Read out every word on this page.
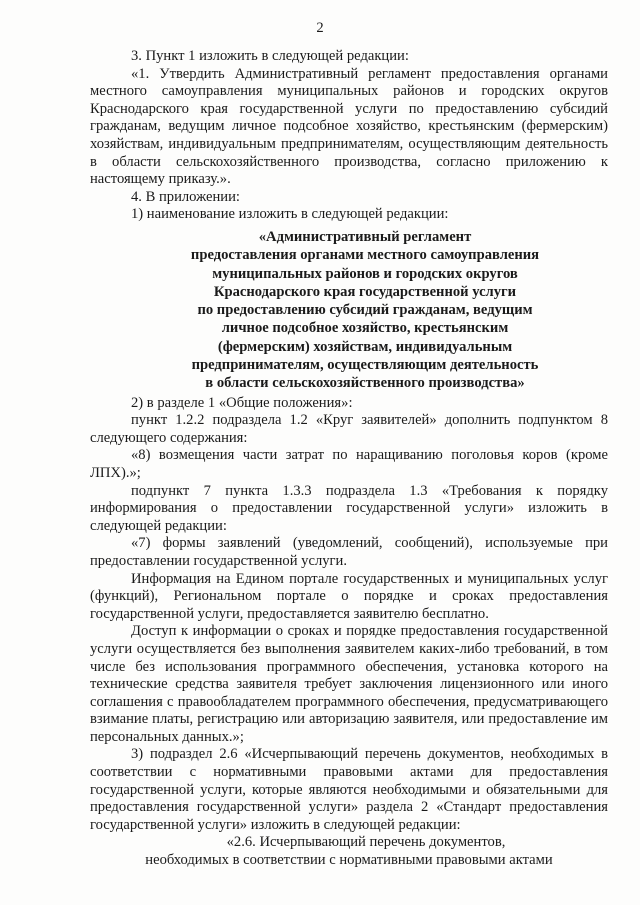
2

3. Пункт 1 изложить в следующей редакции:

«1. Утвердить Административный регламент предоставления органами местного самоуправления муниципальных районов и городских округов Краснодарского края государственной услуги по предоставлению субсидий гражданам, ведущим личное подсобное хозяйство, крестьянским (фермерским) хозяйствам, индивидуальным предпринимателям, осуществляющим деятельность в области сельскохозяйственного производства, согласно приложению к настоящему приказу.».

4. В приложении:

1) наименование изложить в следующей редакции:

«Административный регламент
предоставления органами местного самоуправления
муниципальных районов и городских округов
Краснодарского края государственной услуги
по предоставлению субсидий гражданам, ведущим
личное подсобное хозяйство, крестьянским
(фермерским) хозяйствам, индивидуальным
предпринимателям, осуществляющим деятельность
в области сельскохозяйственного производства»

2) в разделе 1 «Общие положения»:

пункт 1.2.2 подраздела 1.2 «Круг заявителей» дополнить подпунктом 8 следующего содержания:

«8) возмещения части затрат по наращиванию поголовья коров (кроме ЛПХ).»;

подпункт 7 пункта 1.3.3 подраздела 1.3 «Требования к порядку информирования о предоставлении государственной услуги» изложить в следующей редакции:

«7) формы заявлений (уведомлений, сообщений), используемые при предоставлении государственной услуги.

Информация на Едином портале государственных и муниципальных услуг (функций), Региональном портале о порядке и сроках предоставления государственной услуги, предоставляется заявителю бесплатно.

Доступ к информации о сроках и порядке предоставления государственной услуги осуществляется без выполнения заявителем каких-либо требований, в том числе без использования программного обеспечения, установка которого на технические средства заявителя требует заключения лицензионного или иного соглашения с правообладателем программного обеспечения, предусматривающего взимание платы, регистрацию или авторизацию заявителя, или предоставление им персональных данных.»;

3) подраздел 2.6 «Исчерпывающий перечень документов, необходимых в соответствии с нормативными правовыми актами для предоставления государственной услуги, которые являются необходимыми и обязательными для предоставления государственной услуги» раздела 2 «Стандарт предоставления государственной услуги» изложить в следующей редакции:

«2.6. Исчерпывающий перечень документов,
необходимых в соответствии с нормативными правовыми актами
